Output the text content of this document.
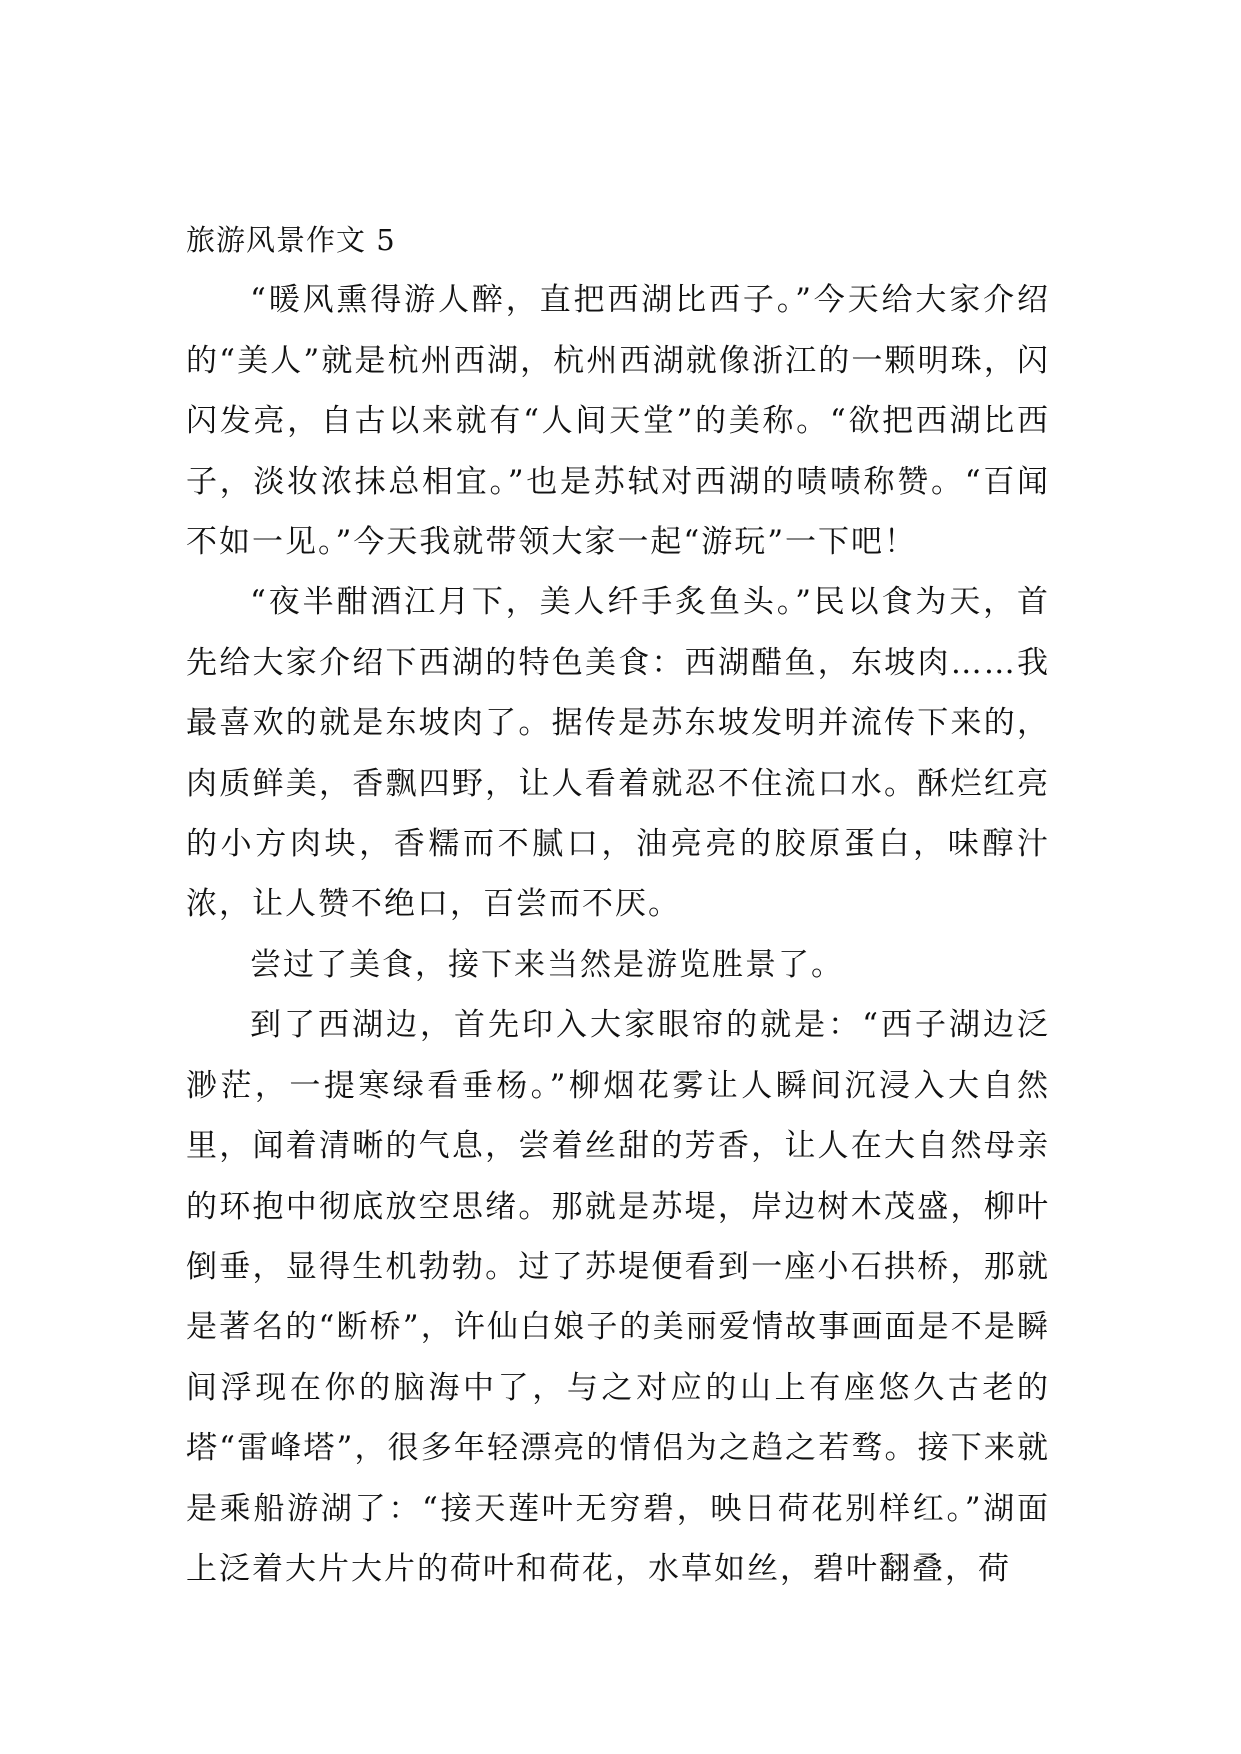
旅游风景作文 5

“暖风熏得游人醉，直把西湖比西子。”今天给大家介绍的“美人”就是杭州西湖，杭州西湖就像浙江的一颗明珠，闪闪发亮，自古以来就有“人间天堂”的美称。“欲把西湖比西子，淡妆浓抹总相宜。”也是苏轼对西湖的啧啧称赞。“百闻不如一见。”今天我就带领大家一起“游玩”一下吧！

“夜半酣酒江月下，美人纤手炙鱼头。”民以食为天，首先给大家介绍下西湖的特色美食：西湖醋鱼，东坡肉……我最喜欢的就是东坡肉了。据传是苏东坡发明并流传下来的，肉质鲜美，香飘四野，让人看着就忍不住流口水。酥烂红亮的小方肉块，香糯而不腻口，油亮亮的胶原蛋白，味醇汁浓，让人赞不绝口，百尝而不厌。

尝过了美食，接下来当然是游览胜景了。

到了西湖边，首先印入大家眼帘的就是：“西子湖边泛渺茫，一提寒绿看垂杨。”柳烟花雾让人瞬间沉浸入大自然里，闻着清晰的气息，尝着丝甜的芳香，让人在大自然母亲的环抱中彻底放空思绪。那就是苏堤，岸边树木茂盛，柳叶倒垂，显得生机勃勃。过了苏堤便看到一座小石拱桥，那就是著名的“断桥”，许仙白娘子的美丽爱情故事画面是不是瞬间浮现在你的脑海中了，与之对应的山上有座悠久古老的塔“雷峰塔”，很多年轻漂亮的情侣为之趋之若骛。接下来就是乘船游湖了：“接天莲叶无穷碧，映日荷花别样红。”湖面上泛着大片大片的荷叶和荷花，水草如丝，碧叶翻叠，荷
